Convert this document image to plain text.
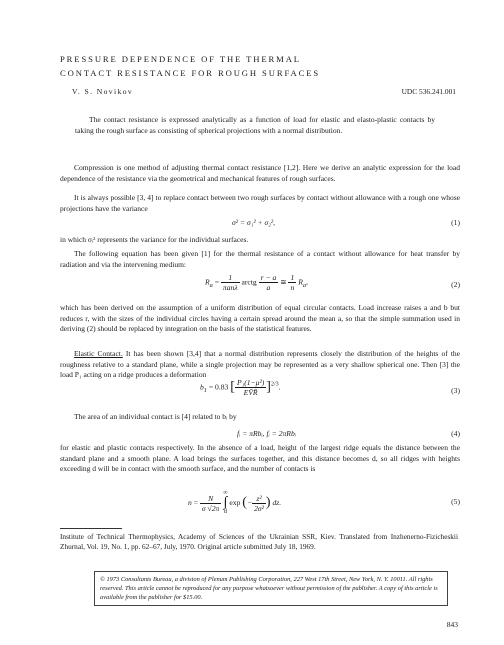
PRESSURE DEPENDENCE OF THE THERMAL
CONTACT RESISTANCE FOR ROUGH SURFACES
V. S. Novikov	UDC 536.241.001
The contact resistance is expressed analytically as a function of load for elastic and elasto-plastic contacts by taking the rough surface as consisting of spherical projections with a normal distribution.
Compression is one method of adjusting thermal contact resistance [1,2]. Here we derive an analytic expression for the load dependence of the resistance via the geometrical and mechanical features of rough surfaces.
It is always possible [3, 4] to replace contact between two rough surfaces by contact without allowance with a rough one whose projections have the variance
σ² = σ₁² + σ₂²,	(1)
in which σᵢ² represents the variance for the individual surfaces.
The following equation has been given [1] for the thermal resistance of a contact without allowance for heat transfer by radiation and via the intervening medium:
$R_a = \frac{1}{\text{πanλ}}$ arctg $\frac{r - a}{a}$ ≅ $\frac{1}{n} R_a$,	(2)
which has been derived on the assumption of a uniform distribution of equal circular contacts. Load increase raises a and b but reduces r, with the sizes of the individual circles having a certain spread around the mean a, so that the simple summation used in deriving (2) should be replaced by integration on the basis of the statistical features.
Elastic Contact. It has been shown [3,4] that a normal distribution represents closely the distribution of the heights of the roughness relative to a standard plane, while a single projection may be represented as a very shallow spherical one. Then [3] the load P₁ acting on a ridge produces a deformation
$b_1 = 0.83$ [ $\frac{\text{P₁(1−μ²)}}{EV̄R̄} ]^{2/3}$.	(3)
The area of an individual contact is [4] related to bᵢ by
fᵢ = πRbᵢ, fᵢ = 2πRbᵢ	(4)
for elastic and plastic contacts respectively. In the absence of a load, height of the largest ridge equals the distance between the standard plane and a smooth plane. A load brings the surfaces together, and this distance becomes d, so all ridges with heights exceeding d will be in contact with the smooth surface, and the number of contacts is
$n = \frac{N}{\sigma √2\pi}$

∞
∫
d
exp (− $\frac{\text{z²}}{\text{2σ²}}$ ) dz.	(5)
Institute of Technical Thermophysics, Academy of Sciences of the Ukrainian SSR, Kiev. Translated from Inzhenerno-Fizicheskii Zhurnal, Vol. 19, No. 1, pp. 62–67, July, 1970. Original article submitted July 18, 1969.
© 1973 Consultants Bureau, a division of Plenum Publishing Corporation, 227 West 17th Street, New York, N. Y. 10011. All rights reserved. This article cannot be reproduced for any purpose whatsoever without permission of the publisher. A copy of this article is available from the publisher for $15.00.
843
